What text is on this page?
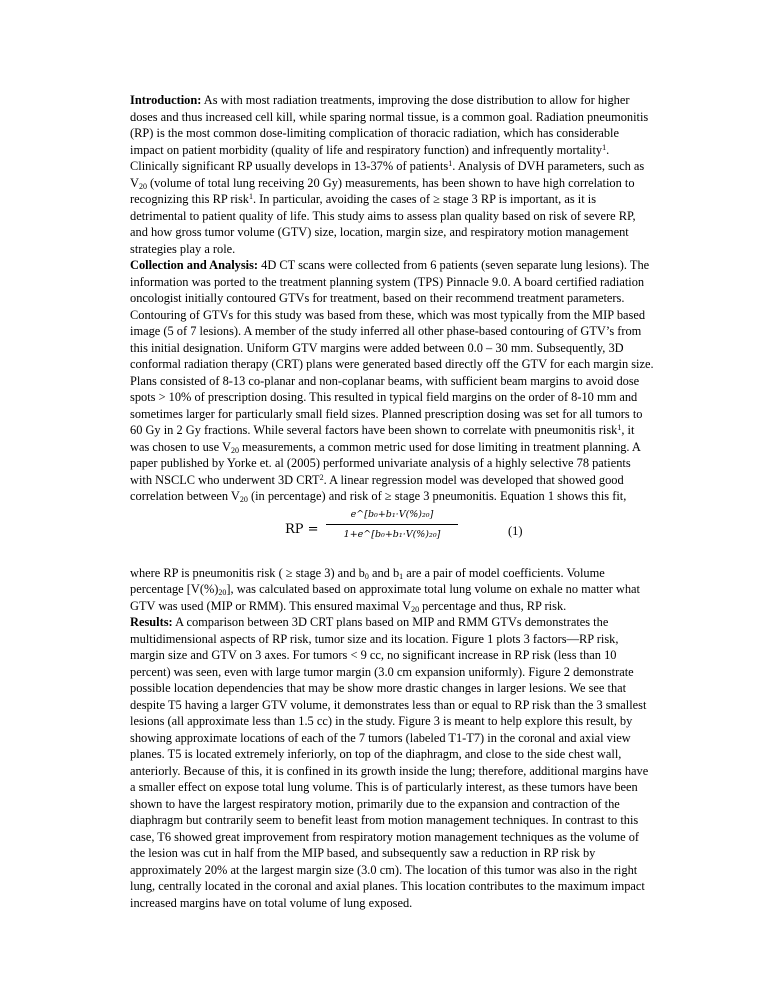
Introduction: As with most radiation treatments, improving the dose distribution to allow for higher doses and thus increased cell kill, while sparing normal tissue, is a common goal. Radiation pneumonitis (RP) is the most common dose-limiting complication of thoracic radiation, which has considerable impact on patient morbidity (quality of life and respiratory function) and infrequently mortality$^1$. Clinically significant RP usually develops in 13-37% of patients$^1$. Analysis of DVH parameters, such as $V_{20}$ (volume of total lung receiving 20 Gy) measurements, has been shown to have high correlation to recognizing this RP risk$^1$. In particular, avoiding the cases of ≥ stage 3 RP is important, as it is detrimental to patient quality of life. This study aims to assess plan quality based on risk of severe RP, and how gross tumor volume (GTV) size, location, margin size, and respiratory motion management strategies play a role.

Collection and Analysis: 4D CT scans were collected from 6 patients (seven separate lung lesions). The information was ported to the treatment planning system (TPS) Pinnacle 9.0. A board certified radiation oncologist initially contoured GTVs for treatment, based on their recommend treatment parameters. Contouring of GTVs for this study was based from these, which was most typically from the MIP based image (5 of 7 lesions). A member of the study inferred all other phase-based contouring of GTV’s from this initial designation. Uniform GTV margins were added between 0.0 – 30 mm. Subsequently, 3D conformal radiation therapy (CRT) plans were generated based directly off the GTV for each margin size. Plans consisted of 8-13 co-planar and non-coplanar beams, with sufficient beam margins to avoid dose spots > 10% of prescription dosing. This resulted in typical field margins on the order of 8-10 mm and sometimes larger for particularly small field sizes. Planned prescription dosing was set for all tumors to 60 Gy in 2 Gy fractions. While several factors have been shown to correlate with pneumonitis risk$^1$, it was chosen to use $V_{20}$ measurements, a common metric used for dose limiting in treatment planning. A paper published by Yorke et. al (2005) performed univariate analysis of a highly selective 78 patients with NSCLC who underwent 3D CRT$^2$. A linear regression model was developed that showed good correlation between $V_{20}$ (in percentage) and risk of ≥ stage 3 pneumonitis. Equation 1 shows this fit,

RP =
e^[b₀+b₁·V(%)₂₀]
1+e^[b₀+b₁·V(%)₂₀]	(1)

where RP is pneumonitis risk ( ≥ stage 3) and $b_0$ and $b_1$ are a pair of model coefficients. Volume percentage $[V(\%)_{20}]$, was calculated based on approximate total lung volume on exhale no matter what GTV was used (MIP or RMM). This ensured maximal $V_{20}$ percentage and thus, RP risk.

Results: A comparison between 3D CRT plans based on MIP and RMM GTVs demonstrates the multidimensional aspects of RP risk, tumor size and its location. Figure 1 plots 3 factors—RP risk, margin size and GTV on 3 axes. For tumors < 9 cc, no significant increase in RP risk (less than 10 percent) was seen, even with large tumor margin (3.0 cm expansion uniformly). Figure 2 demonstrate possible location dependencies that may be show more drastic changes in larger lesions. We see that despite T5 having a larger GTV volume, it demonstrates less than or equal to RP risk than the 3 smallest lesions (all approximate less than 1.5 cc) in the study. Figure 3 is meant to help explore this result, by showing approximate locations of each of the 7 tumors (labeled T1-T7) in the coronal and axial view planes. T5 is located extremely inferiorly, on top of the diaphragm, and close to the side chest wall, anteriorly. Because of this, it is confined in its growth inside the lung; therefore, additional margins have a smaller effect on expose total lung volume. This is of particularly interest, as these tumors have been shown to have the largest respiratory motion, primarily due to the expansion and contraction of the diaphragm but contrarily seem to benefit least from motion management techniques. In contrast to this case, T6 showed great improvement from respiratory motion management techniques as the volume of the lesion was cut in half from the MIP based, and subsequently saw a reduction in RP risk by approximately 20% at the largest margin size (3.0 cm). The location of this tumor was also in the right lung, centrally located in the coronal and axial planes. This location contributes to the maximum impact increased margins have on total volume of lung exposed.
